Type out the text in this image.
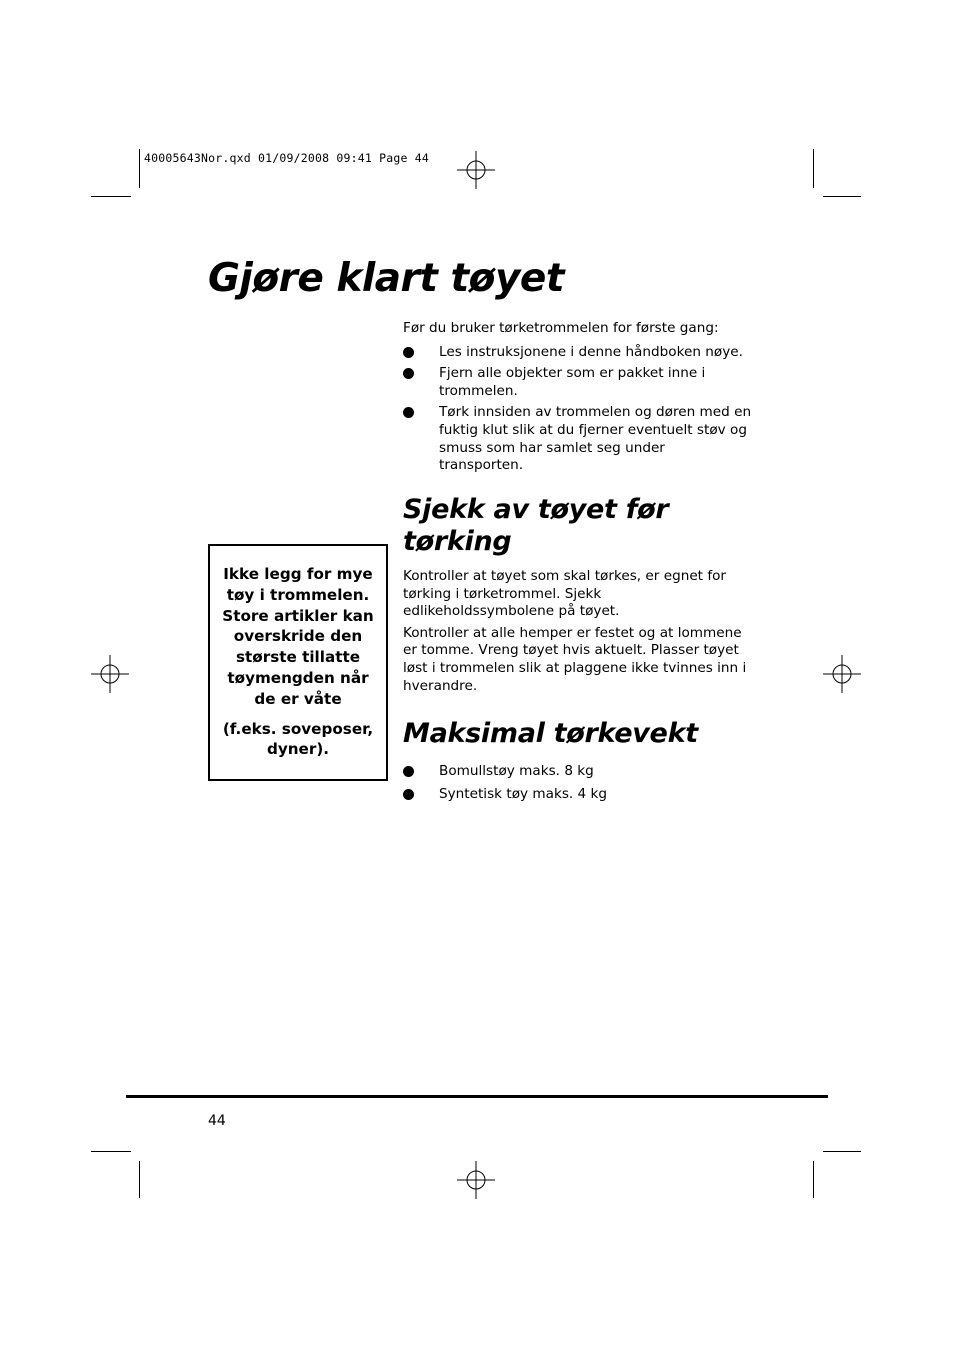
40005643Nor.qxd 01/09/2008 09:41 Page 44
Gjøre klart tøyet

Før du bruker tørketrommelen for første gang:

Les instruksjonene i denne håndboken nøye.
Fjern alle objekter som er pakket inne i trommelen.
Tørk innsiden av trommelen og døren med en fuktig klut slik at du fjerner eventuelt støv og smuss som har samlet seg under transporten.
Sjekk av tøyet før tørking

Kontroller at tøyet som skal tørkes, er egnet for tørking i tørketrommel. Sjekk edlikeholdssymbolene på tøyet.

Kontroller at alle hemper er festet og at lommene er tomme. Vreng tøyet hvis aktuelt. Plasser tøyet løst i trommelen slik at plaggene ikke tvinnes inn i hverandre.

Maksimal tørkevekt
Bomullstøy maks. 8 kg
Syntetisk tøy maks. 4 kg

Ikke legg for mye tøy i trommelen. Store artikler kan overskride den største tillatte tøymengden når de er våte

(f.eks. soveposer, dyner).

44
